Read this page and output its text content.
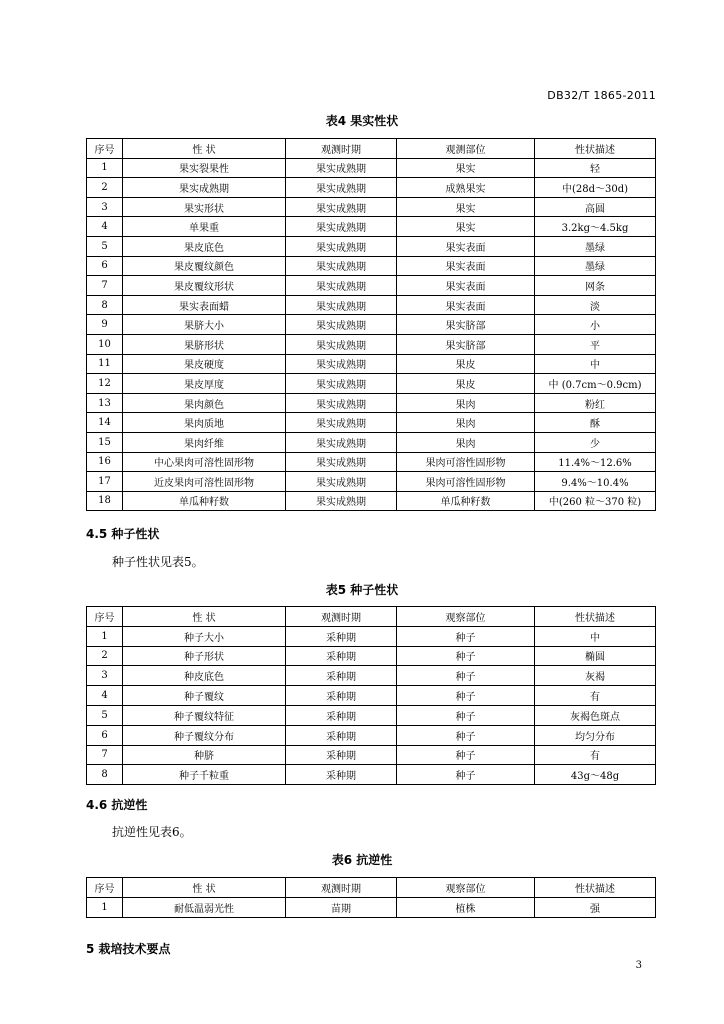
DB32/T 1865-2011
表4 果实性状
序号	性 状	观测时期	观测部位	性状描述
1	果实裂果性	果实成熟期	果实	轻
2	果实成熟期	果实成熟期	成熟果实	中(28d～30d)
3	果实形状	果实成熟期	果实	高圆
4	单果重	果实成熟期	果实	3.2kg～4.5kg
5	果皮底色	果实成熟期	果实表面	墨绿
6	果皮覆纹颜色	果实成熟期	果实表面	墨绿
7	果皮覆纹形状	果实成熟期	果实表面	网条
8	果实表面蜡	果实成熟期	果实表面	淡
9	果脐大小	果实成熟期	果实脐部	小
10	果脐形状	果实成熟期	果实脐部	平
11	果皮硬度	果实成熟期	果皮	中
12	果皮厚度	果实成熟期	果皮	中 (0.7cm～0.9cm)
13	果肉颜色	果实成熟期	果肉	粉红
14	果肉质地	果实成熟期	果肉	酥
15	果肉纤维	果实成熟期	果肉	少
16	中心果肉可溶性固形物	果实成熟期	果肉可溶性固形物	11.4%～12.6%
17	近皮果肉可溶性固形物	果实成熟期	果肉可溶性固形物	9.4%～10.4%
18	单瓜种籽数	果实成熟期	单瓜种籽数	中(260 粒～370 粒)
4.5 种子性状
种子性状见表5。
表5 种子性状
序号	性 状	观测时期	观察部位	性状描述
1	种子大小	采种期	种子	中
2	种子形状	采种期	种子	椭圆
3	种皮底色	采种期	种子	灰褐
4	种子覆纹	采种期	种子	有
5	种子覆纹特征	采种期	种子	灰褐色斑点
6	种子覆纹分布	采种期	种子	均匀分布
7	种脐	采种期	种子	有
8	种子千粒重	采种期	种子	43g～48g
4.6 抗逆性
抗逆性见表6。
表6 抗逆性
序号	性 状	观测时期	观察部位	性状描述
1	耐低温弱光性	苗期	植株	强
5 栽培技术要点
3
